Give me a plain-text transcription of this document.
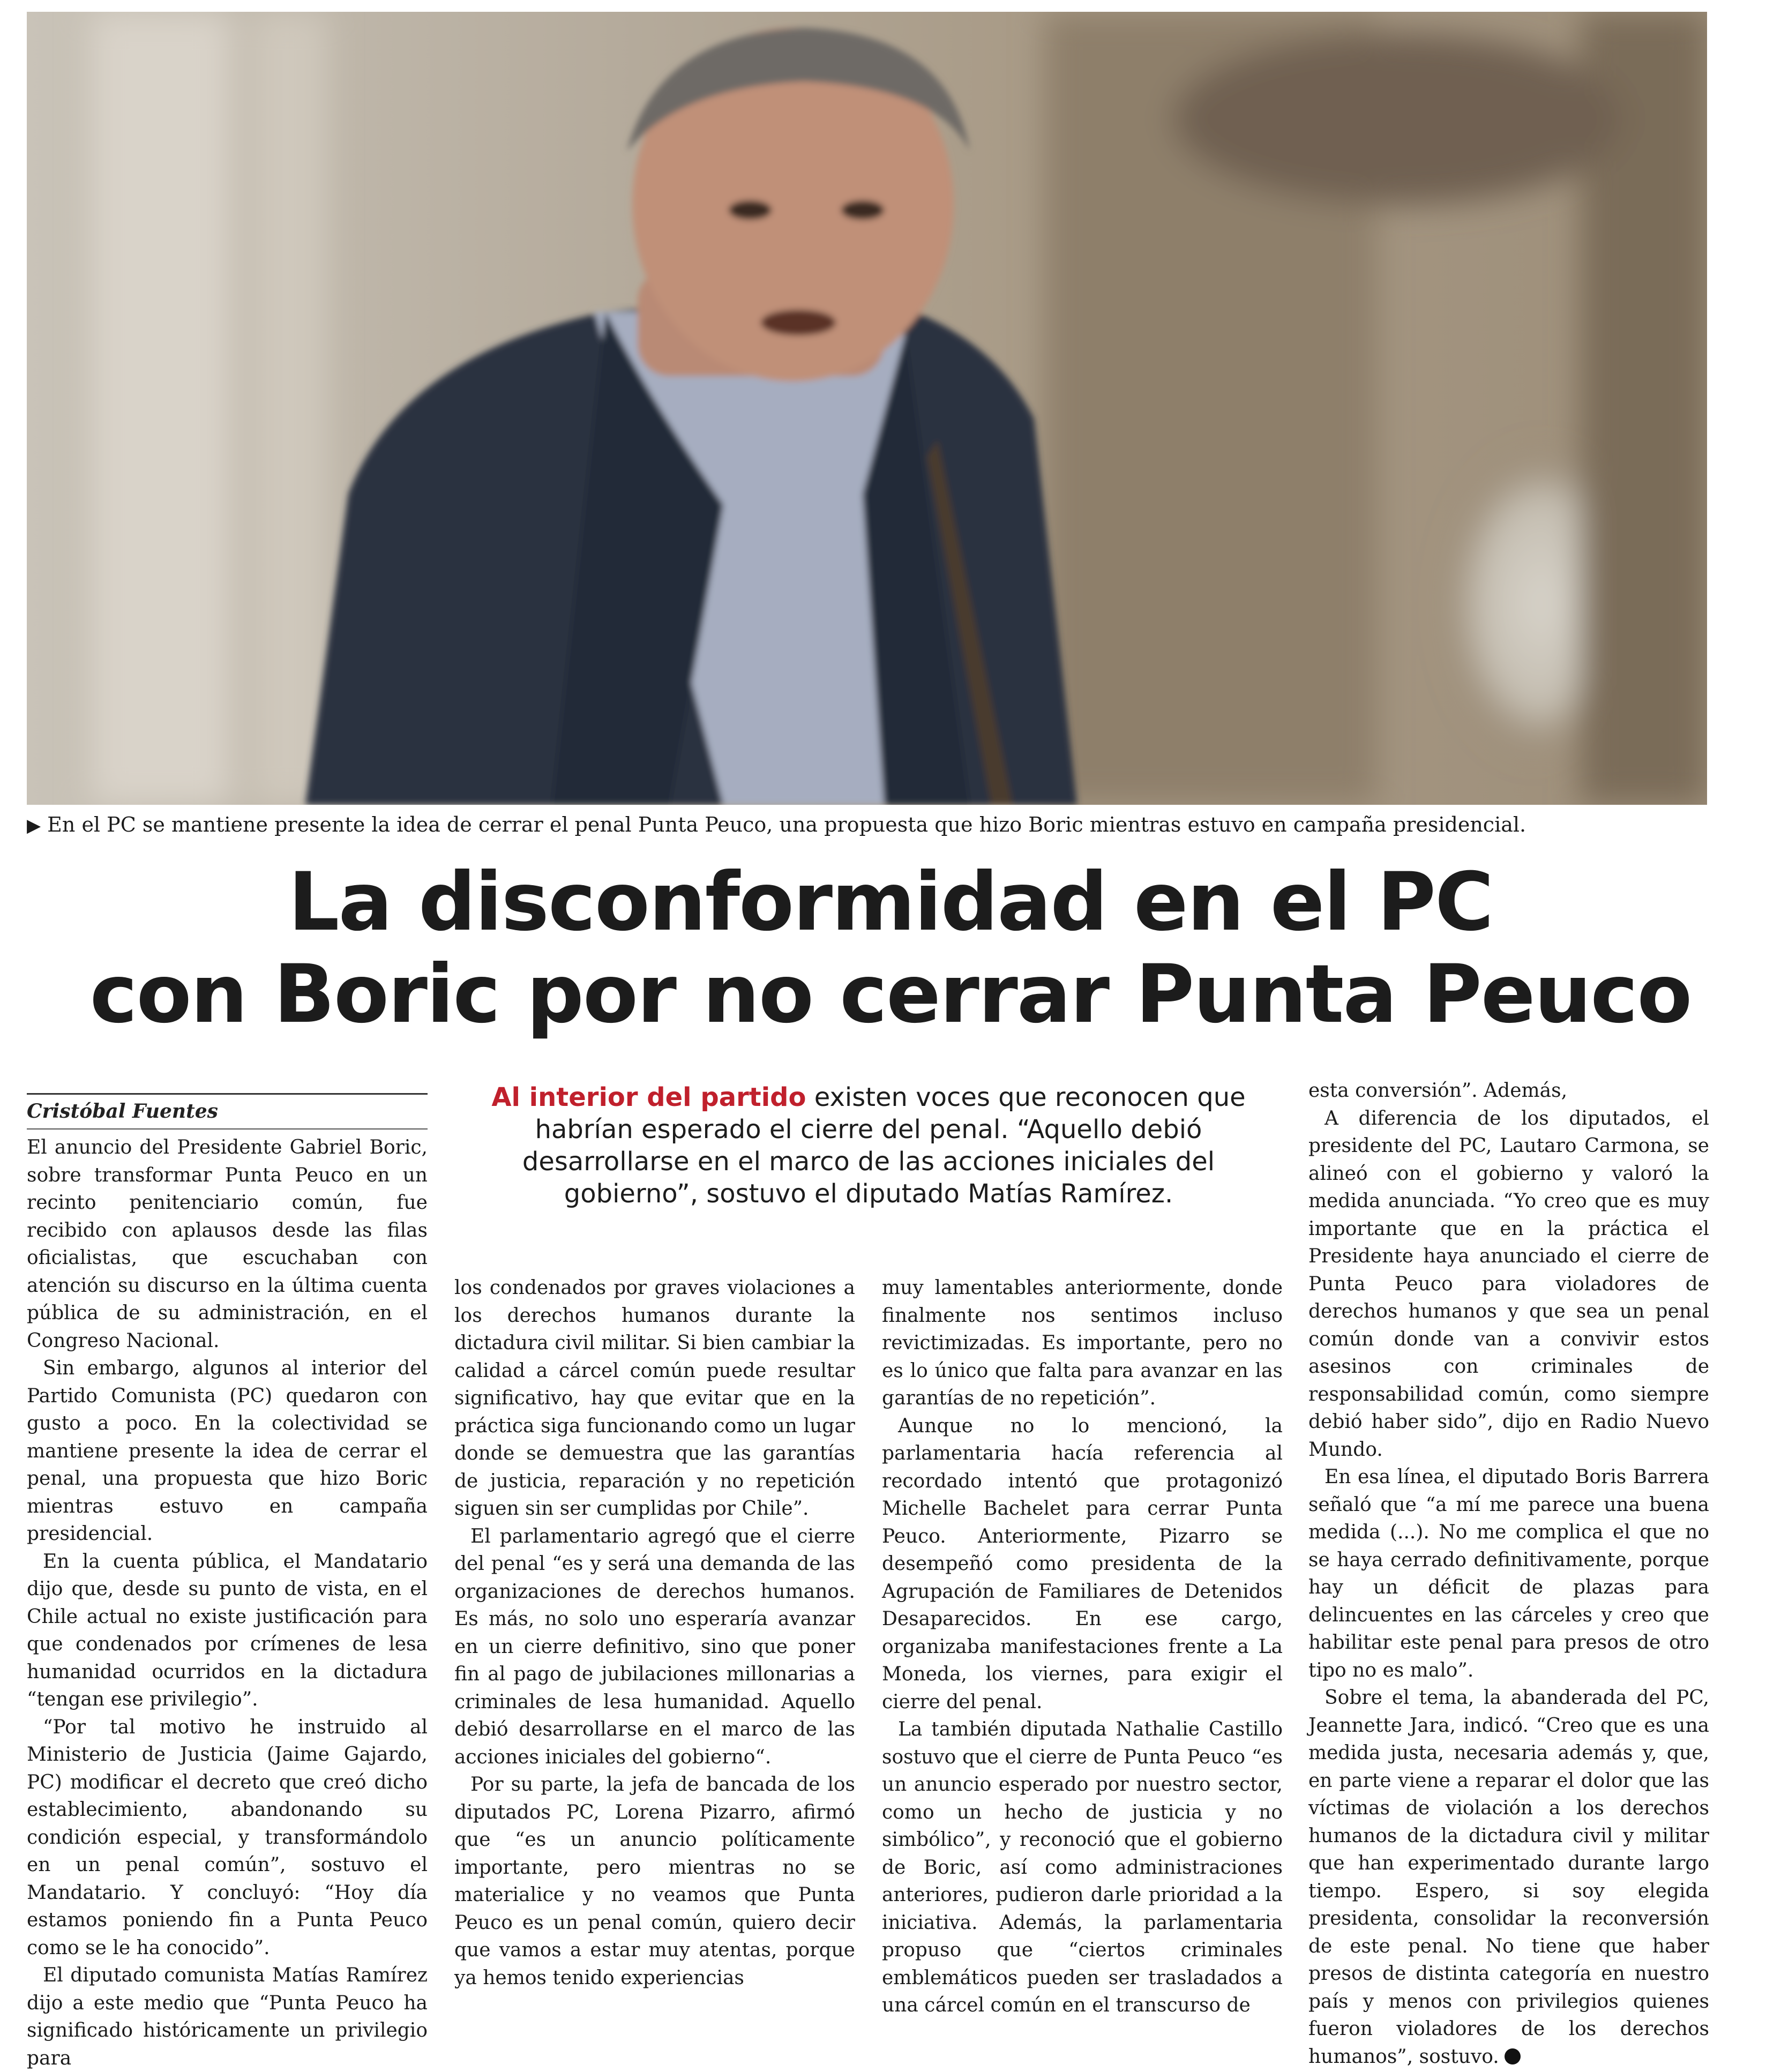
▶ En el PC se mantiene presente la idea de cerrar el penal Punta Peuco, una propuesta que hizo Boric mientras estuvo en campaña presidencial.
La disconformidad en el PC
con Boric por no cerrar Punta Peuco
Cristóbal Fuentes	Al interior del partido existen voces que reconocen que habrían esperado el cierre del penal. “Aquello debió desarrollarse en el marco de las acciones iniciales del gobierno”, sostuvo el diputado Matías Ramírez.

El anuncio del Presidente Gabriel Boric, sobre transformar Punta Peuco en un recinto penitenciario común, fue recibido con aplausos desde las filas oficialistas, que escuchaban con atención su discurso en la última cuenta pública de su administración, en el Congreso Nacional.

Sin embargo, algunos al interior del Partido Comunista (PC) quedaron con gusto a poco. En la colectividad se mantiene presente la idea de cerrar el penal, una propuesta que hizo Boric mientras estuvo en campaña presidencial.

En la cuenta pública, el Mandatario dijo que, desde su punto de vista, en el Chile actual no existe justificación para que condenados por crímenes de lesa humanidad ocurridos en la dictadura “tengan ese privilegio”.

“Por tal motivo he instruido al Ministerio de Justicia (Jaime Gajardo, PC) modificar el decreto que creó dicho establecimiento, abandonando su condición especial, y transformándolo en un penal común”, sostuvo el Mandatario. Y concluyó: “Hoy día estamos poniendo fin a Punta Peuco como se le ha conocido”.

El diputado comunista Matías Ramírez dijo a este medio que “Punta Peuco ha significado históricamente un privilegio para

los condenados por graves violaciones a los derechos humanos durante la dictadura civil militar. Si bien cambiar la calidad a cárcel común puede resultar significativo, hay que evitar que en la práctica siga funcionando como un lugar donde se demuestra que las garantías de justicia, reparación y no repetición siguen sin ser cumplidas por Chile”.

El parlamentario agregó que el cierre del penal “es y será una demanda de las organizaciones de derechos humanos. Es más, no solo uno esperaría avanzar en un cierre definitivo, sino que poner fin al pago de jubilaciones millonarias a criminales de lesa humanidad. Aquello debió desarrollarse en el marco de las acciones iniciales del gobierno“.

Por su parte, la jefa de bancada de los diputados PC, Lorena Pizarro, afirmó que “es un anuncio políticamente importante, pero mientras no se materialice y no veamos que Punta Peuco es un penal común, quiero decir que vamos a estar muy atentas, porque ya hemos tenido experiencias

muy lamentables anteriormente, donde finalmente nos sentimos incluso revictimizadas. Es importante, pero no es lo único que falta para avanzar en las garantías de no repetición”.

Aunque no lo mencionó, la parlamentaria hacía referencia al recordado intentó que protagonizó Michelle Bachelet para cerrar Punta Peuco. Anteriormente, Pizarro se desempeñó como presidenta de la Agrupación de Familiares de Detenidos Desaparecidos. En ese cargo, organizaba manifestaciones frente a La Moneda, los viernes, para exigir el cierre del penal.

La también diputada Nathalie Castillo sostuvo que el cierre de Punta Peuco “es un anuncio esperado por nuestro sector, como un hecho de justicia y no simbólico”, y reconoció que el gobierno de Boric, así como administraciones anteriores, pudieron darle prioridad a la iniciativa. Además, la parlamentaria propuso que “ciertos criminales emblemáticos pueden ser trasladados a una cárcel común en el transcurso de

esta conversión”. Además,

A diferencia de los diputados, el presidente del PC, Lautaro Carmona, se alineó con el gobierno y valoró la medida anunciada. “Yo creo que es muy importante que en la práctica el Presidente haya anunciado el cierre de Punta Peuco para violadores de derechos humanos y que sea un penal común donde van a convivir estos asesinos con criminales de responsabilidad común, como siempre debió haber sido”, dijo en Radio Nuevo Mundo.

En esa línea, el diputado Boris Barrera señaló que “a mí me parece una buena medida (...). No me complica el que no se haya cerrado definitivamente, porque hay un déficit de plazas para delincuentes en las cárceles y creo que habilitar este penal para presos de otro tipo no es malo”.

Sobre el tema, la abanderada del PC, Jeannette Jara, indicó. “Creo que es una medida justa, necesaria además y, que, en parte viene a reparar el dolor que las víctimas de violación a los derechos humanos de la dictadura civil y militar que han experimentado durante largo tiempo. Espero, si soy elegida presidenta, consolidar la reconversión de este penal. No tiene que haber presos de distinta categoría en nuestro país y menos con privilegios quienes fueron violadores de los derechos humanos”, sostuvo.
